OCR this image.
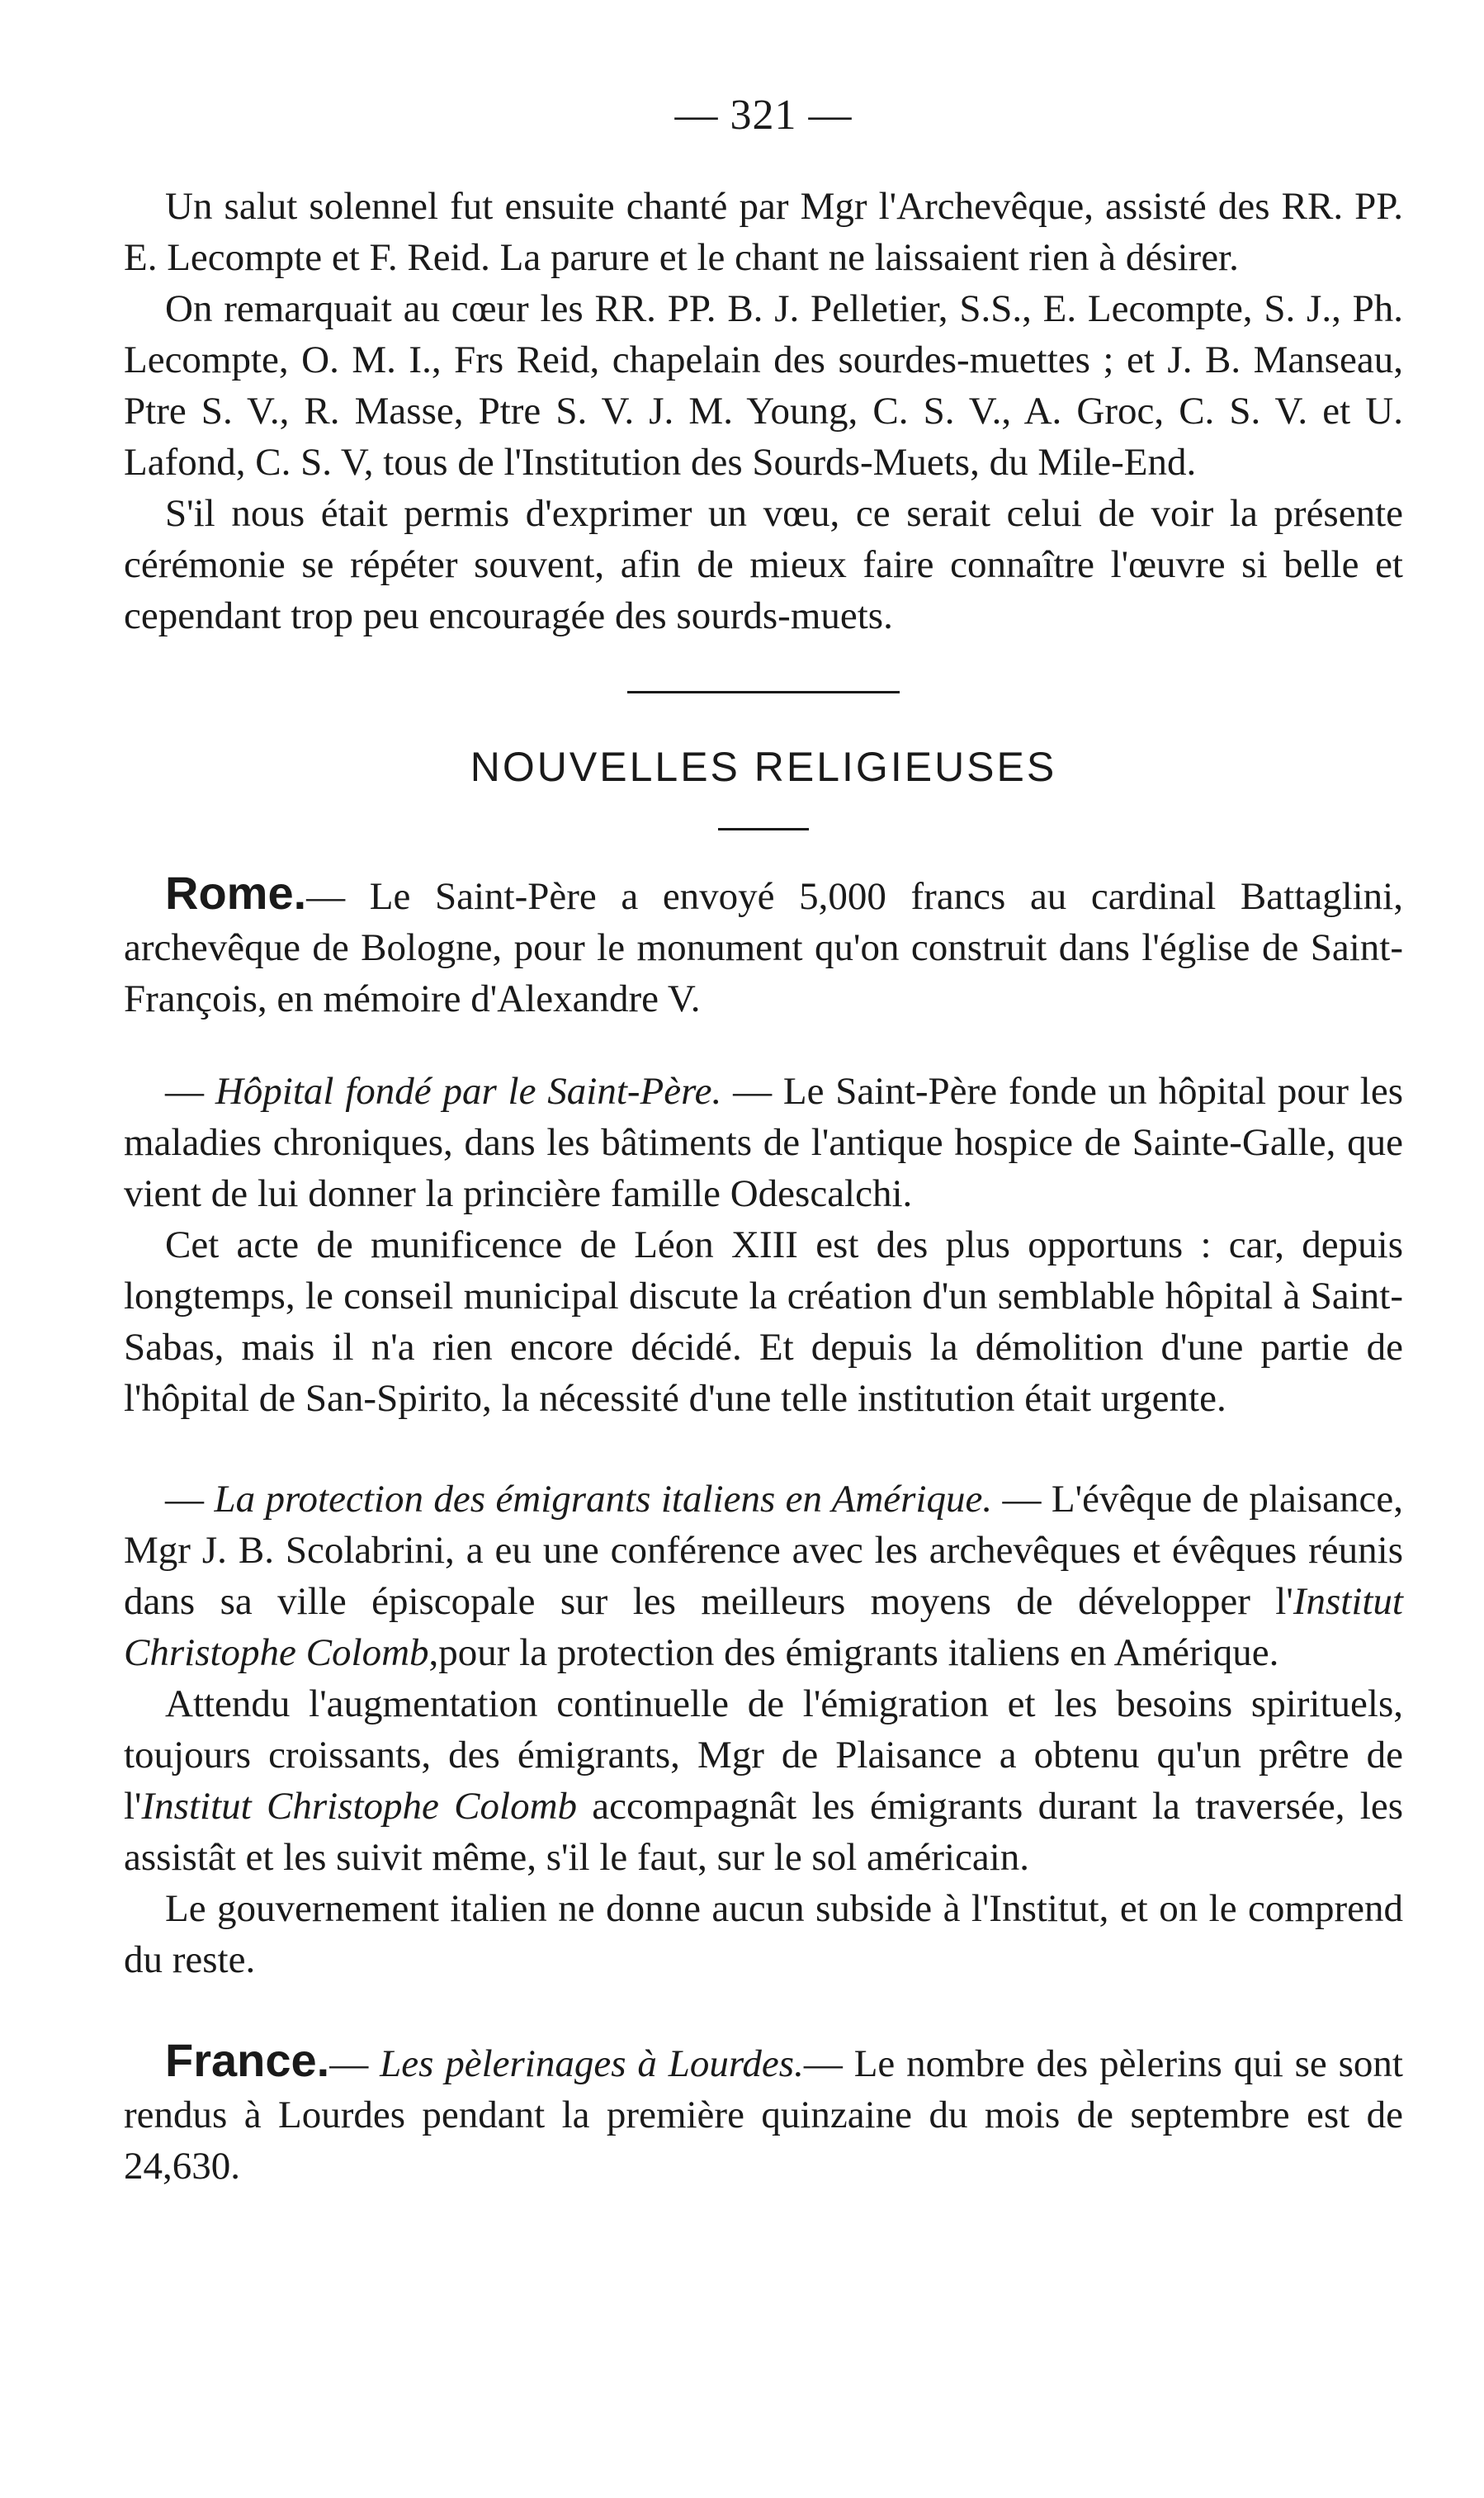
— 321 —

Un salut solennel fut ensuite chanté par Mgr l'Archevêque, assisté des RR. PP. E. Lecompte et F. Reid. La parure et le chant ne laissaient rien à désirer.

On remarquait au cœur les RR. PP. B. J. Pelletier, S.S., E. Lecompte, S. J., Ph. Lecompte, O. M. I., Frs Reid, chapelain des sourdes-muettes ; et J. B. Manseau, Ptre S. V., R. Masse, Ptre S. V. J. M. Young, C. S. V., A. Groc, C. S. V. et U. Lafond, C. S. V, tous de l'Institution des Sourds-Muets, du Mile-End.

S'il nous était permis d'exprimer un vœu, ce serait celui de voir la présente cérémonie se répéter souvent, afin de mieux faire connaître l'œuvre si belle et cependant trop peu encouragée des sourds-muets.

NOUVELLES RELIGIEUSES

Rome.— Le Saint-Père a envoyé 5,000 francs au cardinal Battaglini, archevêque de Bologne, pour le monument qu'on construit dans l'église de Saint-François, en mémoire d'Alexandre V.

— Hôpital fondé par le Saint-Père. — Le Saint-Père fonde un hôpital pour les maladies chroniques, dans les bâtiments de l'antique hospice de Sainte-Galle, que vient de lui donner la princière famille Odescalchi.

Cet acte de munificence de Léon XIII est des plus opportuns : car, depuis longtemps, le conseil municipal discute la création d'un semblable hôpital à Saint-Sabas, mais il n'a rien encore décidé. Et depuis la démolition d'une partie de l'hôpital de San-Spirito, la nécessité d'une telle institution était urgente.

— La protection des émigrants italiens en Amérique. — L'évêque de plaisance, Mgr J. B. Scolabrini, a eu une conférence avec les archevêques et évêques réunis dans sa ville épiscopale sur les meilleurs moyens de développer l'Institut Christophe Colomb,pour la protection des émigrants italiens en Amérique.

Attendu l'augmentation continuelle de l'émigration et les besoins spirituels, toujours croissants, des émigrants, Mgr de Plaisance a obtenu qu'un prêtre de l'Institut Christophe Colomb accompagnât les émigrants durant la traversée, les assistât et les suivit même, s'il le faut, sur le sol américain.

Le gouvernement italien ne donne aucun subside à l'Institut, et on le comprend du reste.

France.— Les pèlerinages à Lourdes.— Le nombre des pèlerins qui se sont rendus à Lourdes pendant la première quinzaine du mois de septembre est de 24,630.
